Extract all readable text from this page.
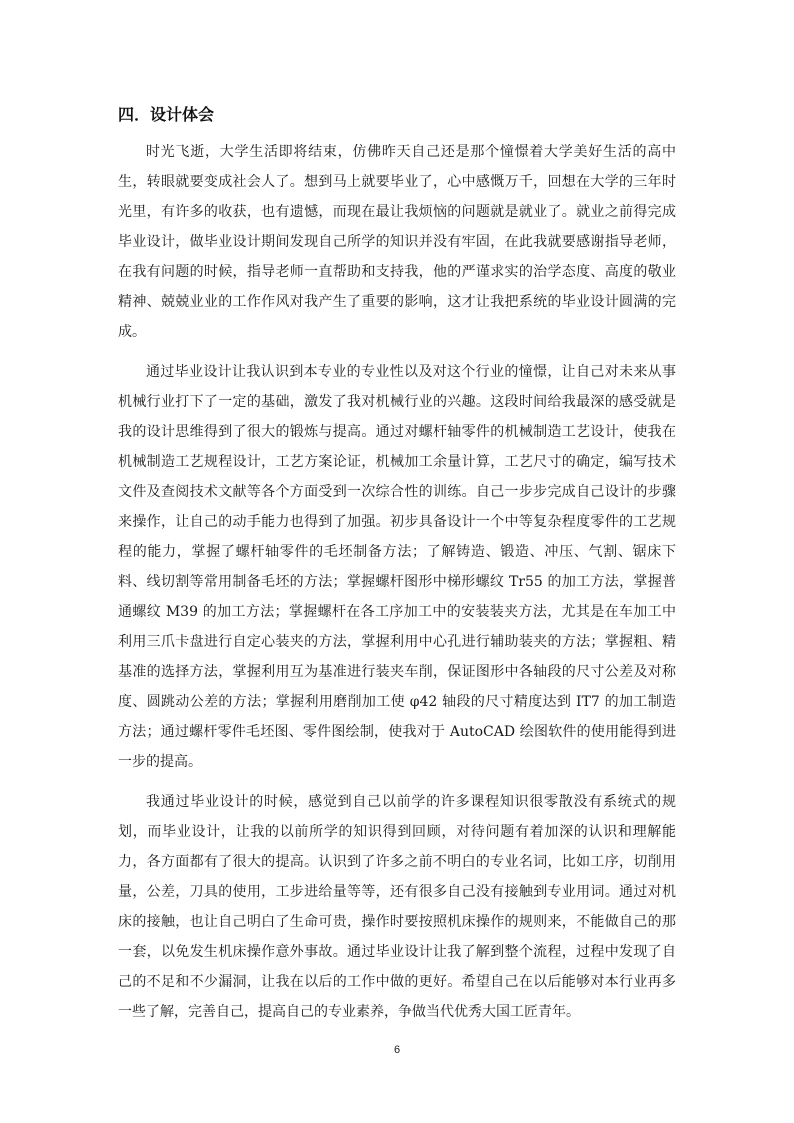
四．设计体会

时光飞逝，大学生活即将结束，仿佛昨天自己还是那个憧憬着大学美好生活的高中生，转眼就要变成社会人了。想到马上就要毕业了，心中感慨万千，回想在大学的三年时光里，有许多的收获，也有遗憾，而现在最让我烦恼的问题就是就业了。就业之前得完成毕业设计，做毕业设计期间发现自己所学的知识并没有牢固，在此我就要感谢指导老师，在我有问题的时候，指导老师一直帮助和支持我，他的严谨求实的治学态度、高度的敬业精神、兢兢业业的工作作风对我产生了重要的影响，这才让我把系统的毕业设计圆满的完成。

通过毕业设计让我认识到本专业的专业性以及对这个行业的憧憬，让自己对未来从事机械行业打下了一定的基础，激发了我对机械行业的兴趣。这段时间给我最深的感受就是我的设计思维得到了很大的锻炼与提高。通过对螺杆轴零件的机械制造工艺设计，使我在机械制造工艺规程设计，工艺方案论证，机械加工余量计算，工艺尺寸的确定，编写技术文件及查阅技术文献等各个方面受到一次综合性的训练。自己一步步完成自己设计的步骤来操作，让自己的动手能力也得到了加强。初步具备设计一个中等复杂程度零件的工艺规程的能力，掌握了螺杆轴零件的毛坯制备方法；了解铸造、锻造、冲压、气割、锯床下料、线切割等常用制备毛坯的方法；掌握螺杆图形中梯形螺纹 Tr55 的加工方法，掌握普通螺纹 M39 的加工方法；掌握螺杆在各工序加工中的安装装夹方法，尤其是在车加工中利用三爪卡盘进行自定心装夹的方法，掌握利用中心孔进行辅助装夹的方法；掌握粗、精基准的选择方法，掌握利用互为基准进行装夹车削，保证图形中各轴段的尺寸公差及对称度、圆跳动公差的方法；掌握利用磨削加工使 φ42 轴段的尺寸精度达到 IT7 的加工制造方法；通过螺杆零件毛坯图、零件图绘制，使我对于 AutoCAD 绘图软件的使用能得到进一步的提高。

我通过毕业设计的时候，感觉到自己以前学的许多课程知识很零散没有系统式的规划，而毕业设计，让我的以前所学的知识得到回顾，对待问题有着加深的认识和理解能力，各方面都有了很大的提高。认识到了许多之前不明白的专业名词，比如工序，切削用量，公差，刀具的使用，工步进给量等等，还有很多自己没有接触到专业用词。通过对机床的接触，也让自己明白了生命可贵，操作时要按照机床操作的规则来，不能做自己的那一套，以免发生机床操作意外事故。通过毕业设计让我了解到整个流程，过程中发现了自己的不足和不少漏洞，让我在以后的工作中做的更好。希望自己在以后能够对本行业再多一些了解，完善自己，提高自己的专业素养，争做当代优秀大国工匠青年。

6
